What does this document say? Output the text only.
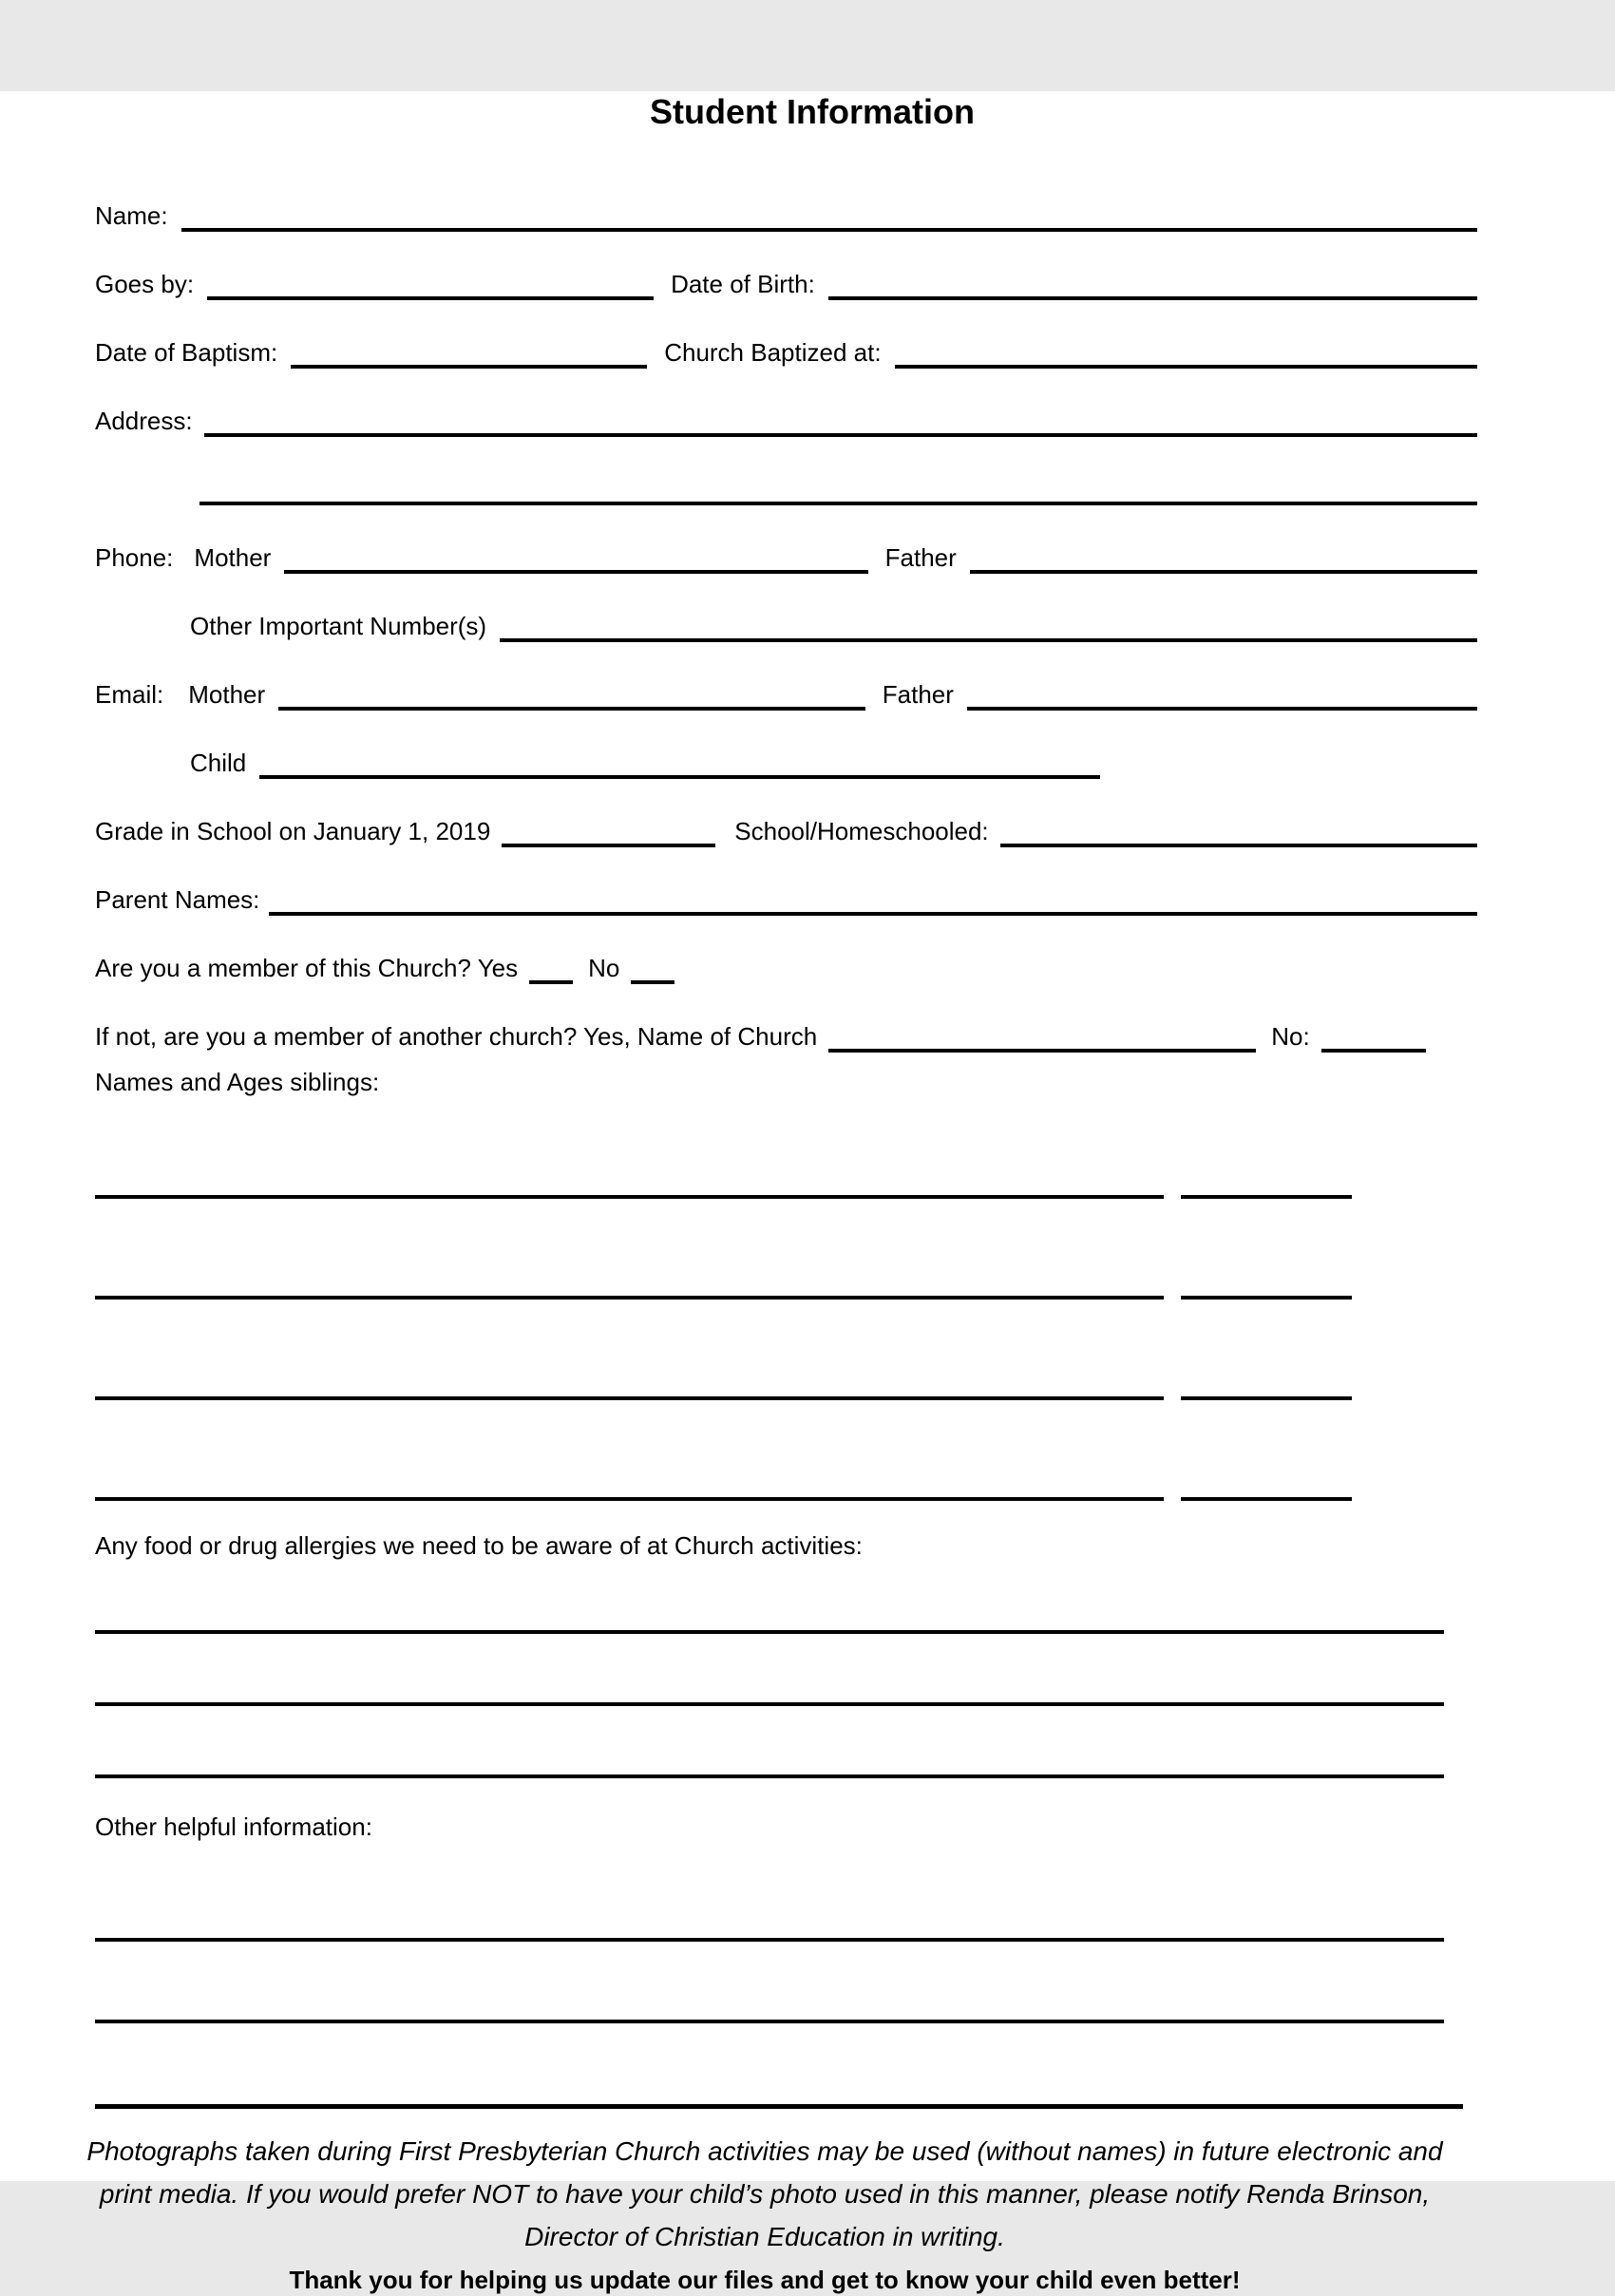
Student Information
Name:
Goes by:	Date of Birth:
Date of Baptism:	Church Baptized at:
Address:
Phone: Mother	Father
Other Important Number(s)
Email: Mother	Father
Child
Grade in School on January 1, 2019	School/Homeschooled:
Parent Names:
Are you a member of this Church? Yes	No
If not, are you a member of another church? Yes, Name of Church	No:
Names and Ages siblings:
Any food or drug allergies we need to be aware of at Church activities:
Other helpful information:
Photographs taken during First Presbyterian Church activities may be used (without names) in future electronic and
print media. If you would prefer NOT to have your child’s photo used in this manner, please notify Renda Brinson,
Director of Christian Education in writing.
Thank you for helping us update our files and get to know your child even better!
